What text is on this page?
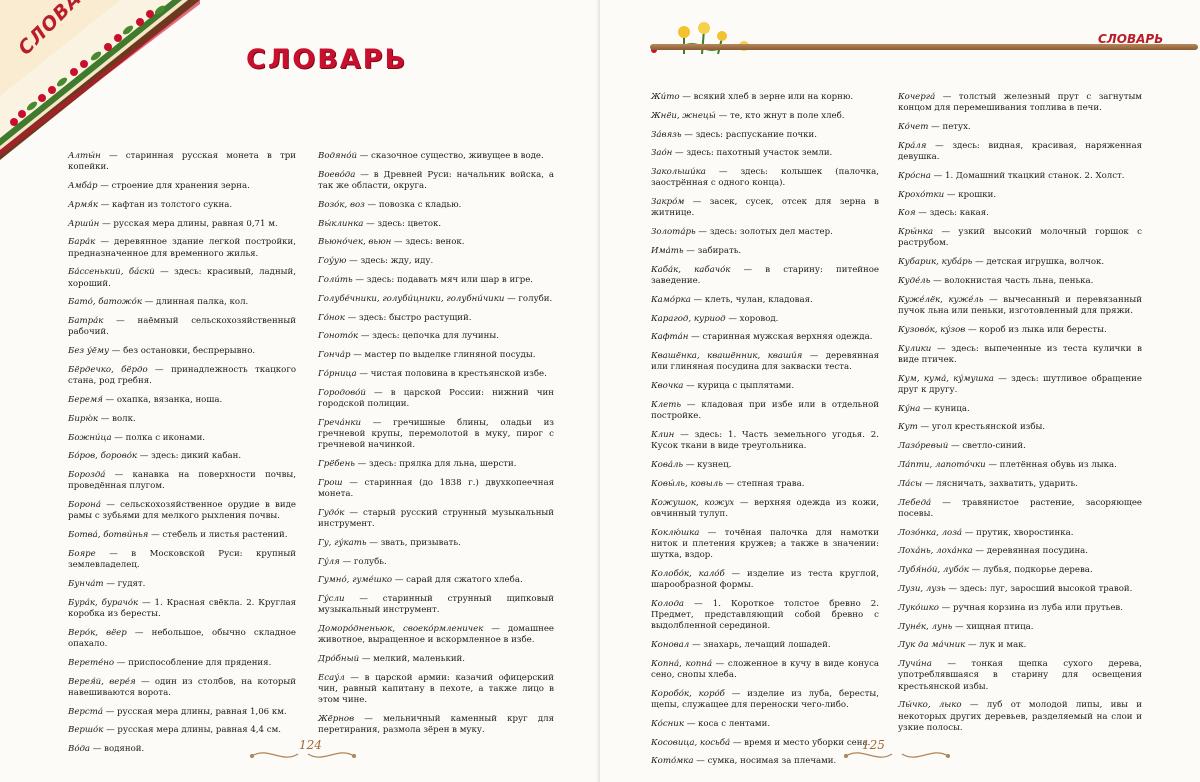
СЛОВАРЬ
Алты́н — старинная русская монета в три копейки.
Амба́р — строение для хранения зерна.
Армя́к — кафтан из толстого сукна.
Арши́н — русская мера длины, равная 0,71 м.
Бара́к — деревянное здание легкой постройки, предназначенное для временного жилья.
Ба́ссенький, бáскй — здесь: красивый, ладный, хороший.
Бато́, батожо́к — длинная палка, кол.
Батра́к — наёмный сельскохозяйственный рабочий.
Без у́ёму — без остановки, беспрерывно.
Бёрдечко, бёрдо — принадлежность ткацкого стана, род гребня.
Беремя́ — охапка, вязанка, ноша.
Бирю́к — волк.
Божни́ца — полка с иконами.
Бо́ров, борово́к — здесь: дикий кабан.
Борозда́ — канавка на поверхности почвы, проведённая плугом.
Борона́ — сельскохозяйственное орудие в виде рамы с зубьями для мелкого рыхления почвы.
Ботва́, ботви́нья — стебель и листья растений.
Бояре — в Московской Руси: крупный землевладелец.
Бунча́т — гудят.
Бура́к, бурачо́к — 1. Красная свёкла. 2. Круглая коробка из бересты.
Веро́к, вёер — небольшое, обычно складное опахало.
Верете́но — приспособление для прядения.
Верея́й, вере́я — один из столбов, на который навешиваются ворота.
Верста́ — русская мера длины, равная 1,06 км.
Вершо́к — русская мера длины, равная 4,4 см.
Во́да — водяной.
Водяно́й — сказочное существо, живущее в воде.
Воево́да — в Древней Руси: начальник войска, а так же области, округа.
Возо́к, воз — повозка с кладью.
Вы́клинка — здесь: цветок.
Вьюно́чек, вьюн — здесь: венок.
Гоу́ую — здесь: жду, иду.
Голи́ть — здесь: подавать мяч или шар в игре.
Голубе́чники, голуби́цники, голубни́чики — голуби.
Го́нок — здесь: быстро растущий.
Гоното́к — здесь: цепочка для лучины.
Гонча́р — мастер по выделке глиняной посуды.
Го́рница — чистая половина в крестьянской избе.
Городово́й — в царской России: нижний чин городской полиции.
Греча́нки — гречишные блины, оладьи из гречневой крупы, перемолотой в муку, пирог с гречневой начинкой.
Грёбень — здесь: прялка для льна, шерсти.
Грош — старинная (до 1838 г.) двухкопеечная монета.
Гудо́к — старый русский струнный музыкальный инструмент.
Гу, гу́кать — звать, призывать.
Гу́ля — голубь.
Гумно́, гуме́шко — сарай для сжатого хлеба.
Гу́сли — старинный струнный щипковый музыкальный инструмент.
Доморо́дненьюк, своеко́рмленичек — домашнее животное, выращенное и вскормленное в избе.
Дро́бный — мелкий, маленький.
Есау́л — в царской армии: казачий офицерский чин, равный капитану в пехоте, а также лицо в этом чине.
Жёрнов — мельничный каменный круг для перетирания, размола зёрен в муку.
124
СЛОВАРЬ
Жи́то — всякий хлеб в зерне или на корню.
Жнёи, жнецы́ — те, кто жнут в поле хлеб.
За́вязь — здесь: распускание почки.
Зао́н — здесь: пахотный участок земли.
Закольши́ка — здесь: колышек (палочка, заострённая с одного конца).
Закро́м — засек, сусек, отсек для зерна в житнице.
Золота́рь — здесь: золотых дел мастер.
Има́ть — забирать.
Каба́к, кабачо́к — в старину: питейное заведение.
Камо́рка — клеть, чулан, кладовая.
Карагод, куриод — хоровод.
Кафта́н — старинная мужская верхняя одежда.
Квашёнка, квашённик, кваши́я — деревянная или глиняная посудина для закваски теста.
Квочка — курица с цыплятами.
Клеть — кладовая при избе или в отдельной постройке.
Клин — здесь: 1. Часть земельного угодья. 2. Кусок ткани в виде треугольника.
Кова́ль — кузнец.
Ковы́ль, ковыль — степная трава.
Кожушок, кожух — верхняя одежда из кожи, овчинный тулуп.
Коклю́шка — точёная палочка для намотки ниток и плетения кружев; а также в значении: шутка, вздор.
Колобо́к, кало́б — изделие из теста круглой, шарообразной формы.
Колода — 1. Короткое толстое бревно 2. Предмет, представляющий собой бревно с выдолбленной серединой.
Коновал — знахарь, лечащий лошадей.
Копна́, копна́ — сложенное в кучу в виде конуса сено, снопы хлеба.
Коробо́к, коро́б — изделие из луба, бересты, щепы, служащее для переноски чего-либо.
Ко́сник — коса с лентами.
Косовица, косьба́ — время и место уборки сена.
Кото́мка — сумка, носимая за плечами.
Кочерга́ — толстый железный прут с загнутым концом для перемешивания топлива в печи.
Ко́чет — петух.
Кра́ля — здесь: видная, красивая, наряженная девушка.
Кро́сна — 1. Домашний ткацкий станок. 2. Холст.
Крохо́тки — крошки.
Коя — здесь: какая.
Кры́нка — узкий высокий молочный горшок с раструбом.
Кубарик, куба́рь — детская игрушка, волчок.
Куде́ль — волокнистая часть льна, пенька.
Куже́лёк, куже́ль — вычесанный и перевязанный пучок льна или пеньки, изготовленный для пряжи.
Кузово́к, ку́зов — короб из лыка или бересты.
Кулики — здесь: выпеченные из теста кулички в виде птичек.
Кум, кума́, ку́мушка — здесь: шутливое обращение друг к другу.
Ку́на — куница.
Кут — угол крестьянской избы.
Лазо́ревый — светло-синий.
Ла́пти, лапото́чки — плетённая обувь из лыка.
Ла́сы — лясничать, захватить, ударить.
Лебеда́ — травянистое растение, засоряющее посевы.
Лозо́нка, лоза́ — прутик, хворостинка.
Лоха́нь, лоха́нка — деревянная посудина.
Лубя́но́й, лубо́к — лубья, подкорье дерева.
Лузи, лузь — здесь: луг, заросший высокой травой.
Луко́шко — ручная корзина из луба или прутьев.
Луне́к, лунь — хищная птица.
Лук да ма́чник — лук и мак.
Лучи́на — тонкая щепка сухого дерева, употреблявшаяся в старину для освещения крестьянской избы.
Лы́чко, лыко — луб от молодой липы, ивы и некоторых других деревьев, разделяемый на слои и узкие полосы.
125
